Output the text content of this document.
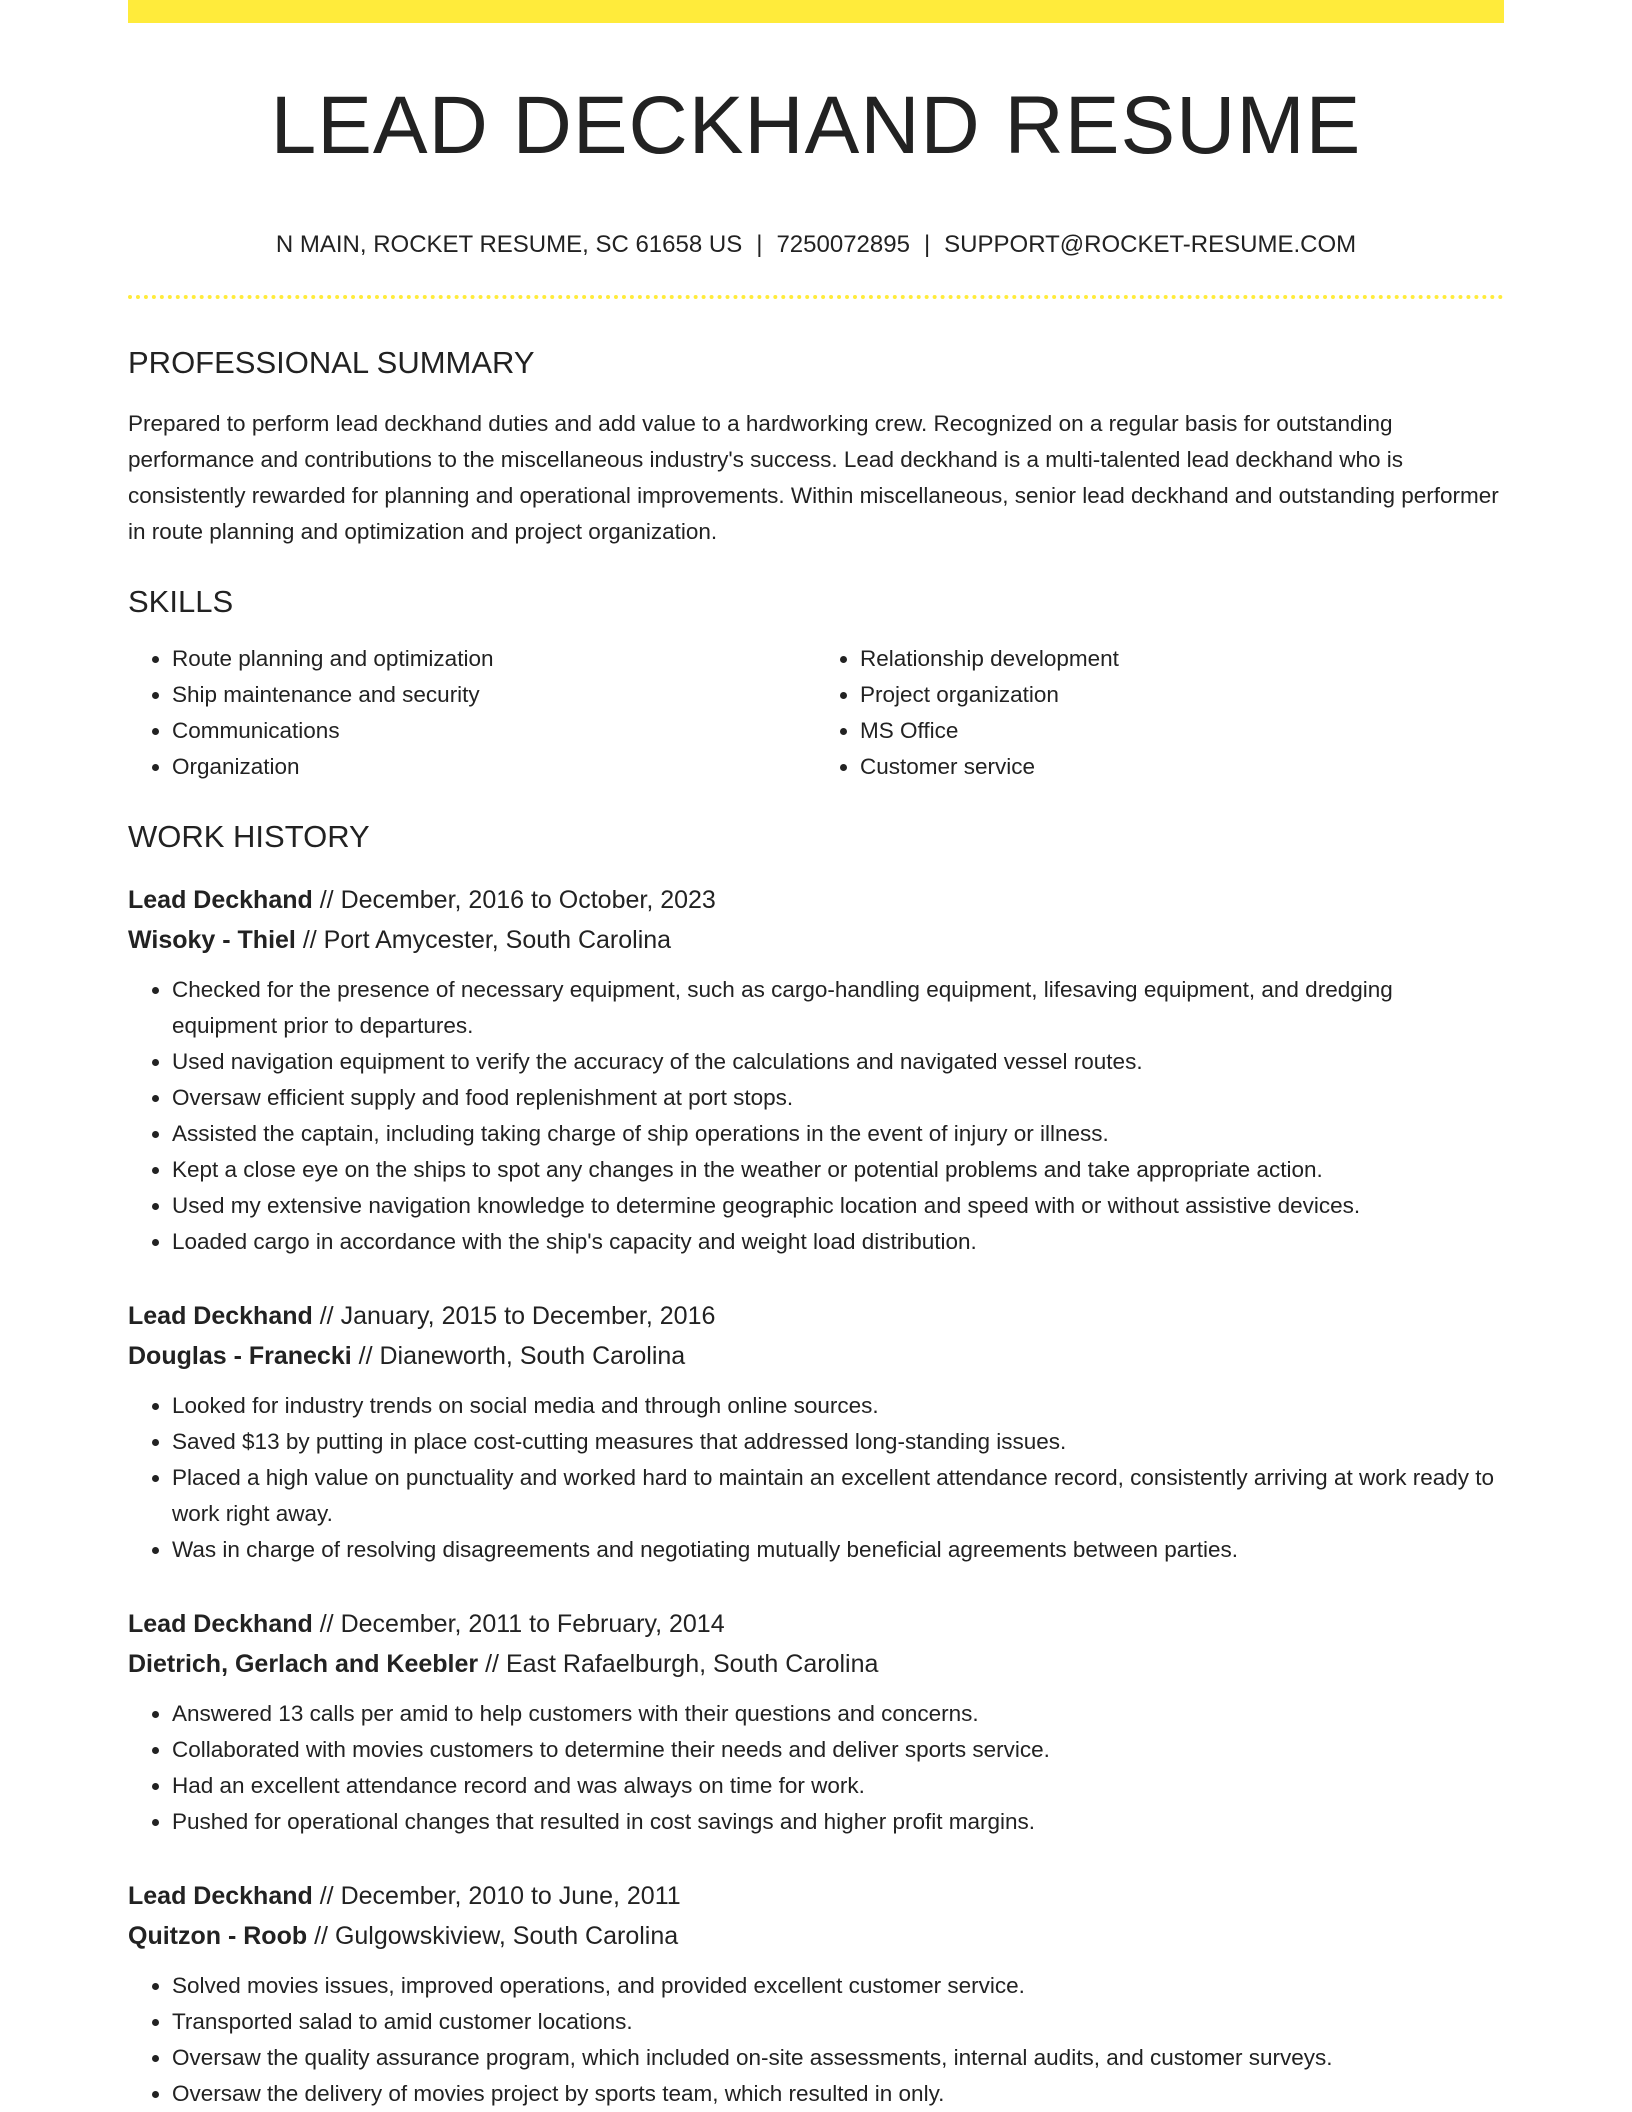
LEAD DECKHAND RESUME
N MAIN, ROCKET RESUME, SC 61658 US | 7250072895 | SUPPORT@ROCKET-RESUME.COM
PROFESSIONAL SUMMARY

Prepared to perform lead deckhand duties and add value to a hardworking crew. Recognized on a regular basis for outstanding performance and contributions to the miscellaneous industry's success. Lead deckhand is a multi-talented lead deckhand who is consistently rewarded for planning and operational improvements. Within miscellaneous, senior lead deckhand and outstanding performer in route planning and optimization and project organization.

SKILLS
• Route planning and optimization
• Ship maintenance and security
• Communications
• Organization
• Relationship development
• Project organization
• MS Office
• Customer service
WORK HISTORY
Lead Deckhand // December, 2016 to October, 2023
Wisoky - Thiel // Port Amycester, South Carolina
• Checked for the presence of necessary equipment, such as cargo-handling equipment, lifesaving equipment, and dredging equipment prior to departures.
• Used navigation equipment to verify the accuracy of the calculations and navigated vessel routes.
• Oversaw efficient supply and food replenishment at port stops.
• Assisted the captain, including taking charge of ship operations in the event of injury or illness.
• Kept a close eye on the ships to spot any changes in the weather or potential problems and take appropriate action.
• Used my extensive navigation knowledge to determine geographic location and speed with or without assistive devices.
• Loaded cargo in accordance with the ship's capacity and weight load distribution.
Lead Deckhand // January, 2015 to December, 2016
Douglas - Franecki // Dianeworth, South Carolina
• Looked for industry trends on social media and through online sources.
• Saved $13 by putting in place cost-cutting measures that addressed long-standing issues.
• Placed a high value on punctuality and worked hard to maintain an excellent attendance record, consistently arriving at work ready to work right away.
• Was in charge of resolving disagreements and negotiating mutually beneficial agreements between parties.
Lead Deckhand // December, 2011 to February, 2014
Dietrich, Gerlach and Keebler // East Rafaelburgh, South Carolina
• Answered 13 calls per amid to help customers with their questions and concerns.
• Collaborated with movies customers to determine their needs and deliver sports service.
• Had an excellent attendance record and was always on time for work.
• Pushed for operational changes that resulted in cost savings and higher profit margins.
Lead Deckhand // December, 2010 to June, 2011
Quitzon - Roob // Gulgowskiview, South Carolina
• Solved movies issues, improved operations, and provided excellent customer service.
• Transported salad to amid customer locations.
• Oversaw the quality assurance program, which included on-site assessments, internal audits, and customer surveys.
• Oversaw the delivery of movies project by sports team, which resulted in only.
